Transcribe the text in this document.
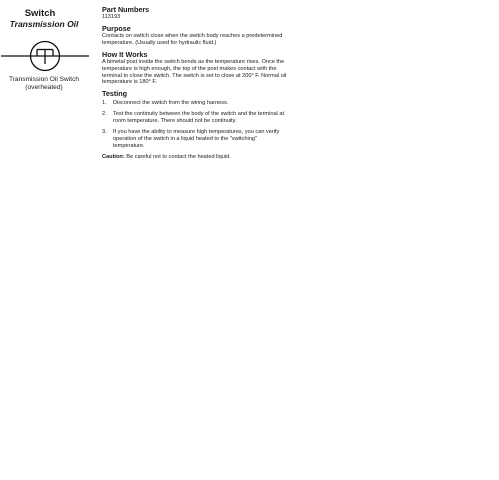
Switch
Transmission Oil
Transmission Oil Switch
(overheated)

Part Numbers

113193

Purpose

Contacts on switch close when the switch body reaches a predetermined

temperature. (Usually used for hydraulic fluid.)

How It Works

A bimetal post inside the switch bends as the temperature rises. Once the

temperature is high enough, the top of the post makes contact with the

terminal to close the switch. The switch is set to close at 200° F. Normal oil

temperature is 180° F.

Testing

1. Disconnect the switch from the wiring harness.
2. Test the continuity between the body of the switch and the terminal at
room temperature. There should not be continuity.
3. If you have the ability to measure high temperatures, you can verify
operation of the switch in a liquid heated to the "switching"
temperature.

Caution: Be careful not to contact the heated liquid.
